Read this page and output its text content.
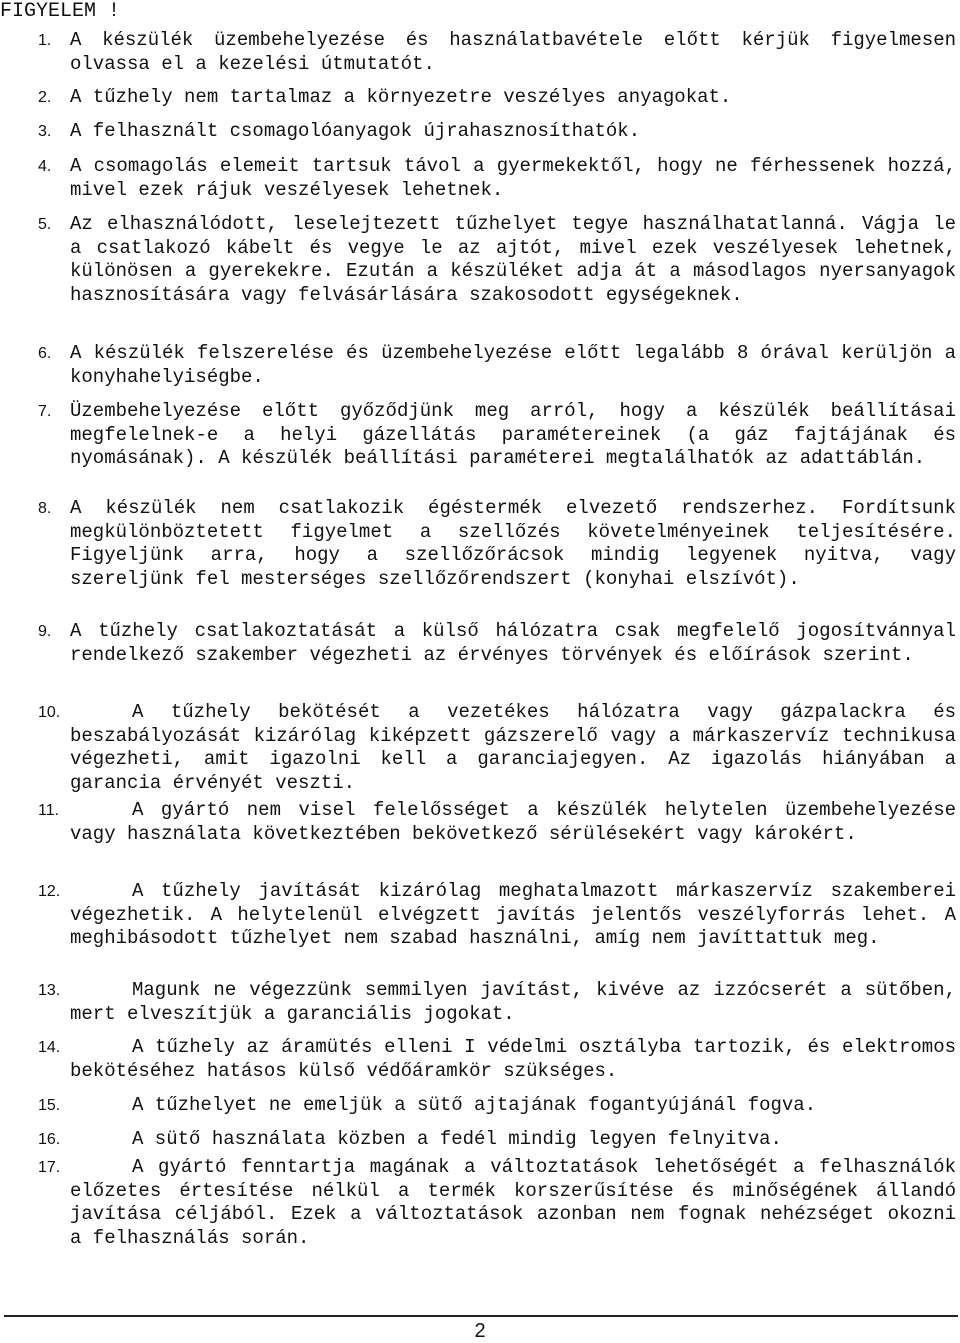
FIGYELEM !
1. A készülék üzembehelyezése és használatbavétele előtt kérjük figyelmesen olvassa el a kezelési útmutatót.
2. A tűzhely nem tartalmaz a környezetre veszélyes anyagokat.
3. A felhasznált csomagolóanyagok újrahasznosíthatók.
4. A csomagolás elemeit tartsuk távol a gyermekektől, hogy ne férhessenek hozzá, mivel ezek rájuk veszélyesek lehetnek.
5. Az elhasználódott, leselejtezett tűzhelyet tegye használhatatlanná. Vágja le a csatlakozó kábelt és vegye le az ajtót, mivel ezek veszélyesek lehetnek, különösen a gyerekekre. Ezután a készüléket adja át a másodlagos nyersanyagok hasznosítására vagy felvásárlására szakosodott egységeknek.
6. A készülék felszerelése és üzembehelyezése előtt legalább 8 órával kerüljön a konyhahelyiségbe.
7. Üzembehelyezése előtt győződjünk meg arról, hogy a készülék beállításai megfelelnek-e a helyi gázellátás paramétereinek (a gáz fajtájának és nyomásának). A készülék beállítási paraméterei megtalálhatók az adattáblán.
8. A készülék nem csatlakozik égéstermék elvezető rendszerhez. Fordítsunk megkülönböztetett figyelmet a szellőzés követelményeinek teljesítésére. Figyeljünk arra, hogy a szellőzőrácsok mindig legyenek nyitva, vagy szereljünk fel mesterséges szellőzőrendszert (konyhai elszívót).
9. A tűzhely csatlakoztatását a külső hálózatra csak megfelelő jogosítvánnyal rendelkező szakember végezheti az érvényes törvények és előírások szerint.
10.	A tűzhely bekötését a vezetékes hálózatra vagy gázpalackra és beszabályozását kizárólag kiképzett gázszerelő vagy a márkaszervíz technikusa végezheti, amit igazolni kell a garanciajegyen. Az igazolás hiányában a garancia érvényét veszti.
11.	A gyártó nem visel felelősséget a készülék helytelen üzembehelyezése vagy használata következtében bekövetkező sérülésekért vagy károkért.
12.	A tűzhely javítását kizárólag meghatalmazott márkaszervíz szakemberei végezhetik. A helytelenül elvégzett javítás jelentős veszélyforrás lehet. A meghibásodott tűzhelyet nem szabad használni, amíg nem javíttattuk meg.
13.	Magunk ne végezzünk semmilyen javítást, kivéve az izzócserét a sütőben, mert elveszítjük a garanciális jogokat.
14.	A tűzhely az áramütés elleni I védelmi osztályba tartozik, és elektromos bekötéséhez hatásos külső védőáramkör szükséges.
15.	A tűzhelyet ne emeljük a sütő ajtajának fogantyújánál fogva.
16.	A sütő használata közben a fedél mindig legyen felnyitva.
17.	A gyártó fenntartja magának a változtatások lehetőségét a felhasználók előzetes értesítése nélkül a termék korszerűsítése és minőségének állandó javítása céljából. Ezek a változtatások azonban nem fognak nehézséget okozni a felhasználás során.
2
